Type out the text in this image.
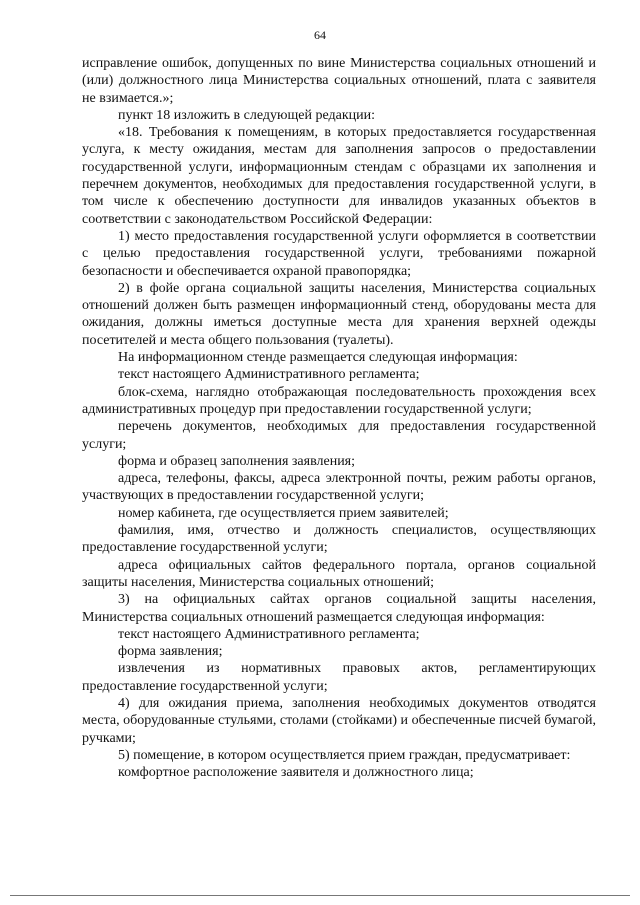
64

исправление ошибок, допущенных по вине Министерства социальных отношений и (или) должностного лица Министерства социальных отношений, плата с заявителя не взимается.»;

пункт 18 изложить в следующей редакции:

«18. Требования к помещениям, в которых предоставляется государственная услуга, к месту ожидания, местам для заполнения запросов о предоставлении государственной услуги, информационным стендам с образцами их заполнения и перечнем документов, необходимых для предоставления государственной услуги, в том числе к обеспечению доступности для инвалидов указанных объектов в соответствии с законодательством Российской Федерации:

1) место предоставления государственной услуги оформляется в соответствии с целью предоставления государственной услуги, требованиями пожарной безопасности и обеспечивается охраной правопорядка;

2) в фойе органа социальной защиты населения, Министерства социальных отношений должен быть размещен информационный стенд, оборудованы места для ожидания, должны иметься доступные места для хранения верхней одежды посетителей и места общего пользования (туалеты).

На информационном стенде размещается следующая информация:

текст настоящего Административного регламента;

блок-схема, наглядно отображающая последовательность прохождения всех административных процедур при предоставлении государственной услуги;

перечень документов, необходимых для предоставления государственной услуги;

форма и образец заполнения заявления;

адреса, телефоны, факсы, адреса электронной почты, режим работы органов, участвующих в предоставлении государственной услуги;

номер кабинета, где осуществляется прием заявителей;

фамилия, имя, отчество и должность специалистов, осуществляющих предоставление государственной услуги;

адреса официальных сайтов федерального портала, органов социальной защиты населения, Министерства социальных отношений;

3) на официальных сайтах органов социальной защиты населения, Министерства социальных отношений размещается следующая информация:

текст настоящего Административного регламента;

форма заявления;

извлечения из нормативных правовых актов, регламентирующих предоставление государственной услуги;

4) для ожидания приема, заполнения необходимых документов отводятся места, оборудованные стульями, столами (стойками) и обеспеченные писчей бумагой, ручками;

5) помещение, в котором осуществляется прием граждан, предусматривает:

комфортное расположение заявителя и должностного лица;
